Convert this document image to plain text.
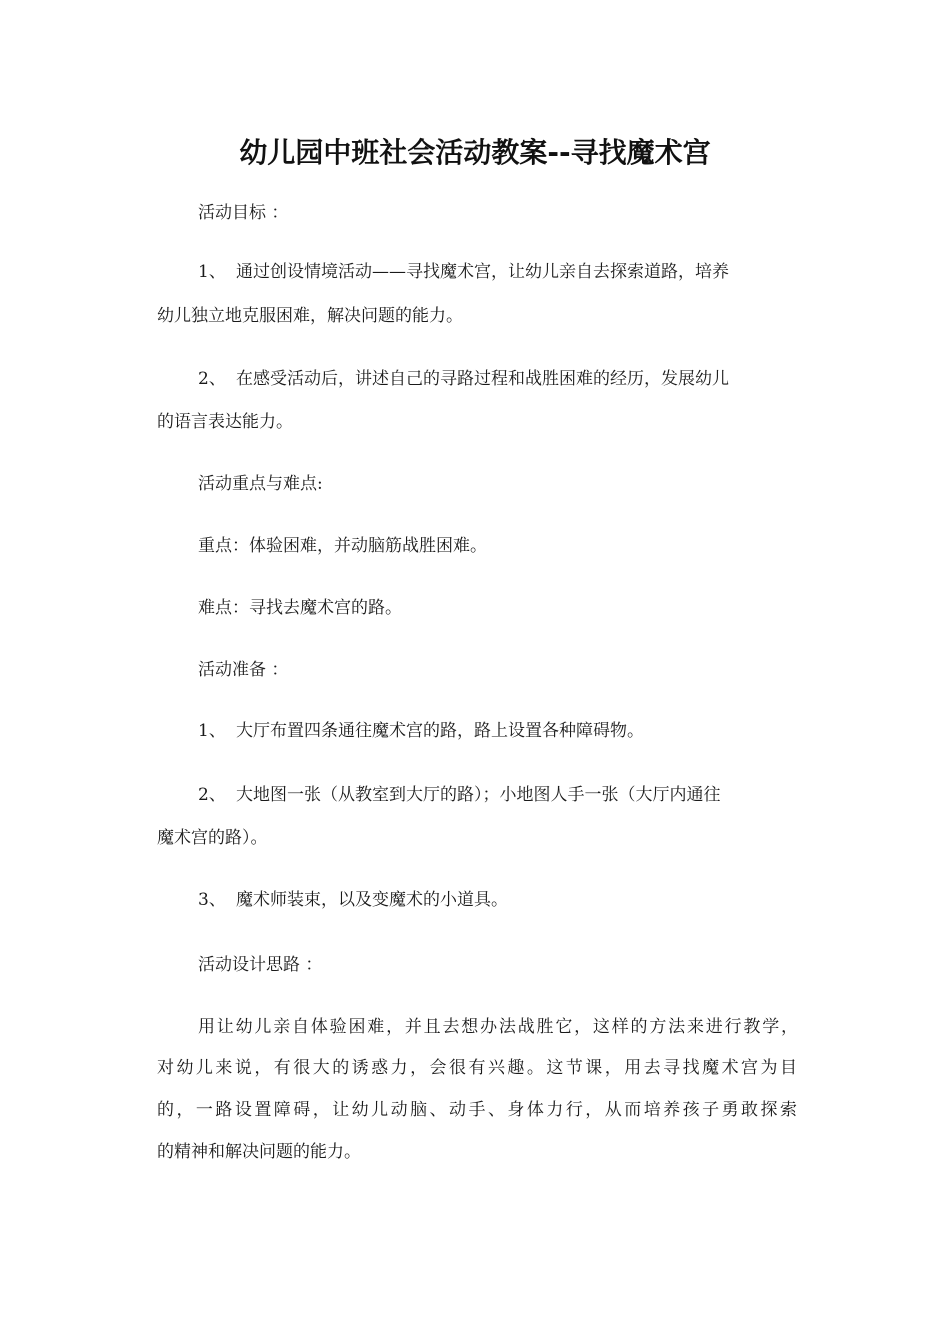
幼儿园中班社会活动教案--寻找魔术宫
活动目标 ：
1、 通过创设情境活动——寻找魔术宫，让幼儿亲自去探索道路，培养
幼儿独立地克服困难，解决问题的能力。
2、 在感受活动后，讲述自己的寻路过程和战胜困难的经历，发展幼儿
的语言表达能力。
活动重点与难点:
重点：体验困难，并动脑筋战胜困难。
难点：寻找去魔术宫的路。
活动准备 ：
1、 大厅布置四条通往魔术宫的路，路上设置各种障碍物。
2、 大地图一张（从教室到大厅的路）；小地图人手一张（大厅内通往
魔术宫的路）。
3、 魔术师装束，以及变魔术的小道具。
活动设计思路 ：
用让幼儿亲自体验困难，并且去想办法战胜它，这样的方法来进行教学，
对幼儿来说，有很大的诱惑力，会很有兴趣。这节课，用去寻找魔术宫为目
的，一路设置障碍，让幼儿动脑、动手、身体力行，从而培养孩子勇敢探索
的精神和解决问题的能力。
